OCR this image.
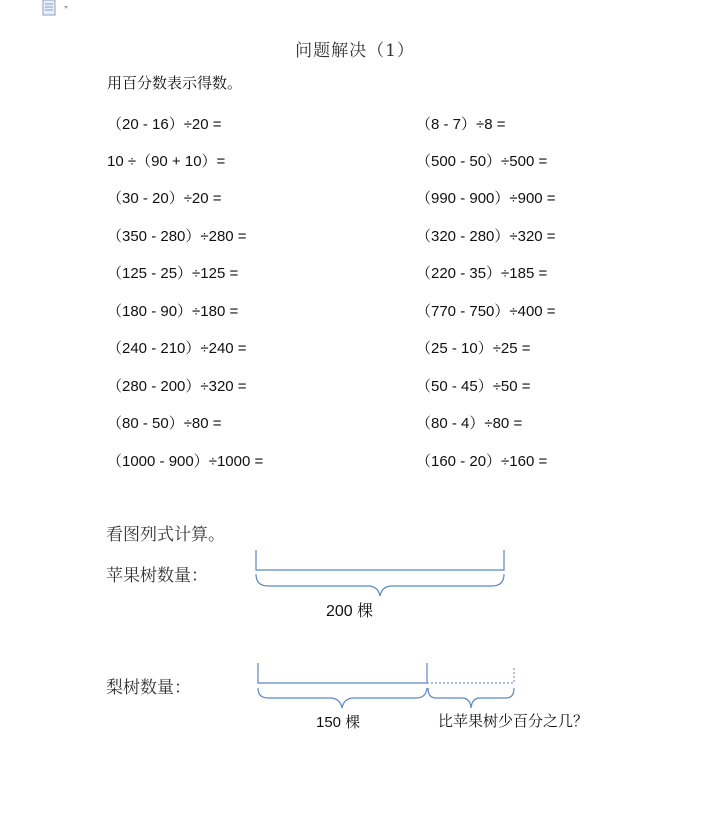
问题解决（1）
用百分数表示得数。
（20 - 16）÷20 =
10 ÷（90 + 10）=
（30 - 20）÷20 =
（350 - 280）÷280 =
（125 - 25）÷125 =
（180 - 90）÷180 =
（240 - 210）÷240 =
（280 - 200）÷320 =
（80 - 50）÷80 =
（1000 - 900）÷1000 =
（8 - 7）÷8 =
（500 - 50）÷500 =
（990 - 900）÷900 =
（320 - 280）÷320 =
（220 - 35）÷185 =
（770 - 750）÷400 =
（25 - 10）÷25 =
（50 - 45）÷50 =
（80 - 4）÷80 =
（160 - 20）÷160 =
看图列式计算。
苹果树数量：
梨树数量：
200 棵
150 棵	比苹果树少百分之几？
